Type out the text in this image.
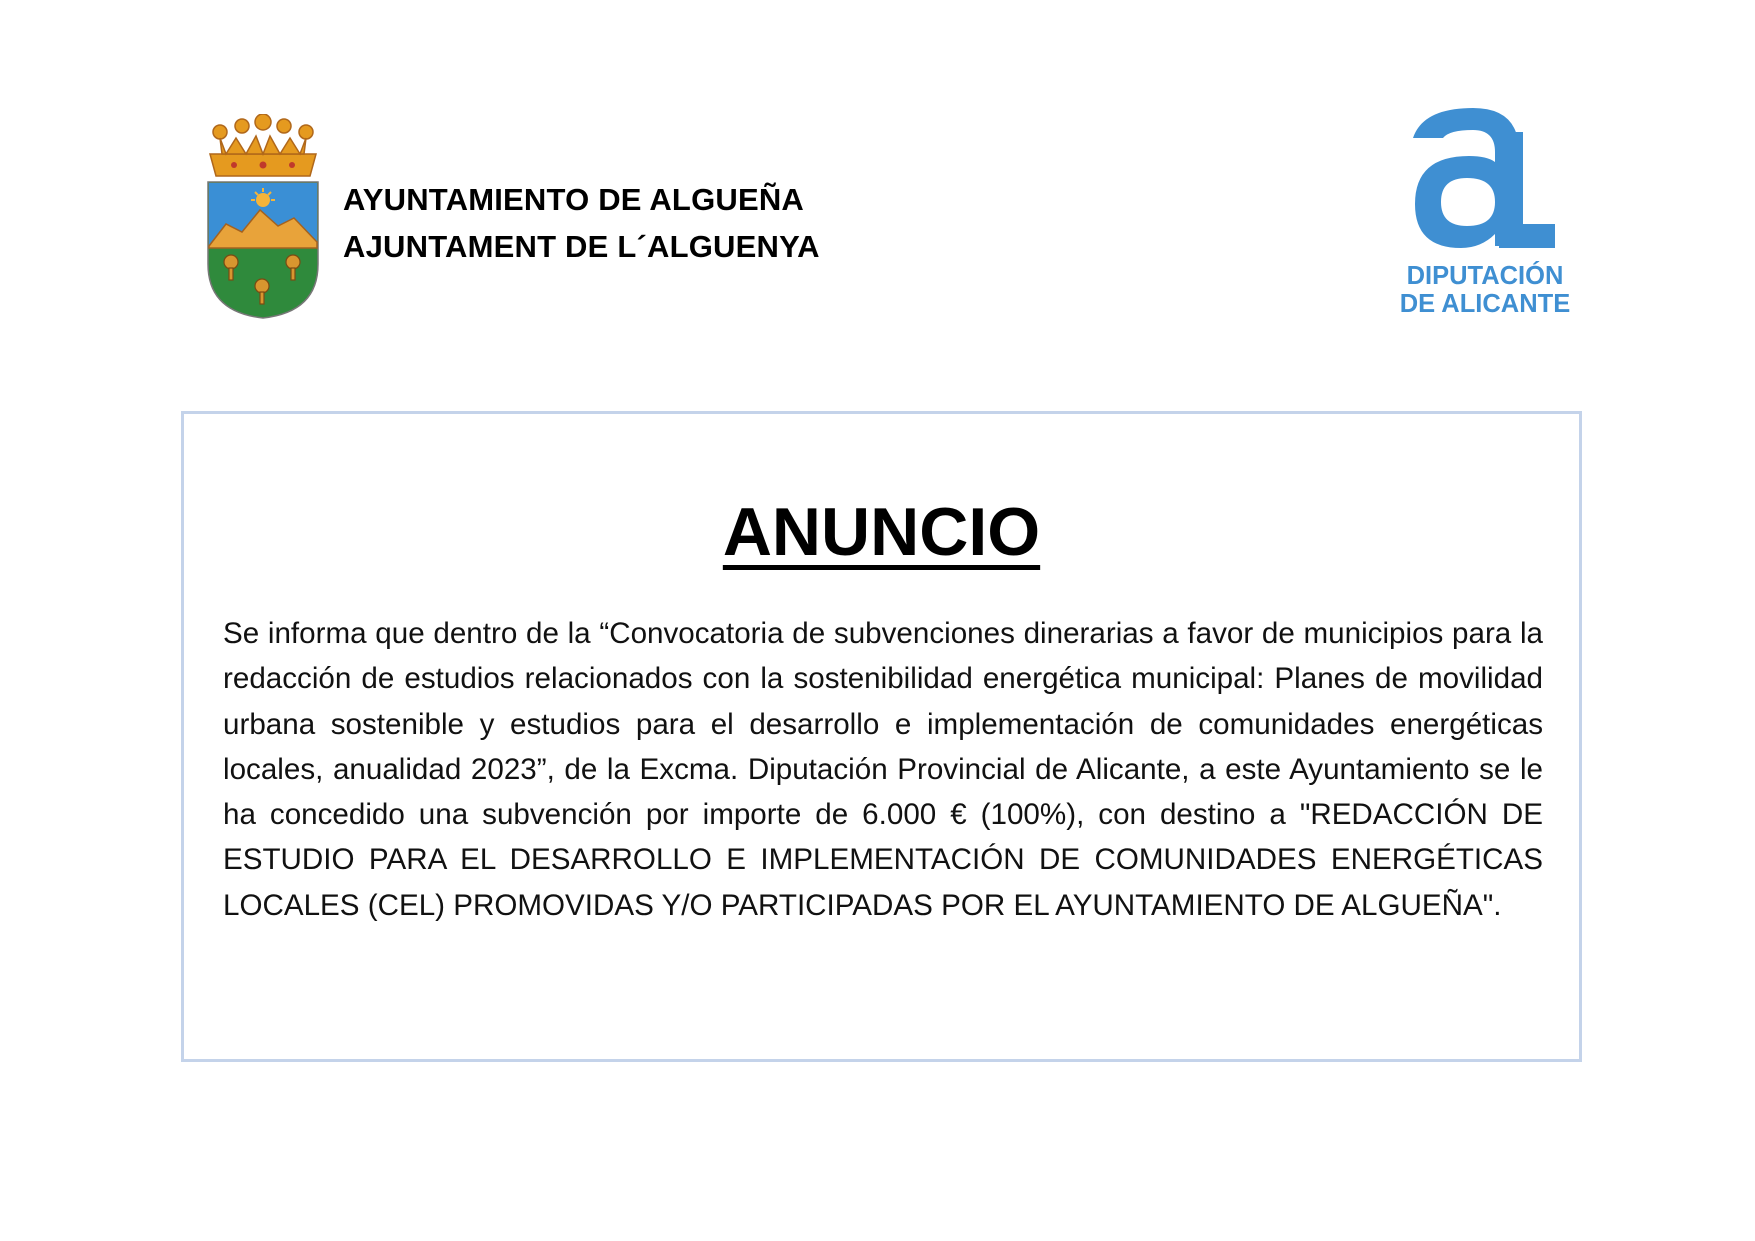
AYUNTAMIENTO DE ALGUEÑA
AJUNTAMENT DE L´ALGUENYA
DIPUTACIÓN
DE ALICANTE
ANUNCIO

Se informa que dentro de la “Convocatoria de subvenciones dinerarias a favor de municipios para la redacción de estudios relacionados con la sostenibilidad energética municipal: Planes de movilidad urbana sostenible y estudios para el desarrollo e implementación de comunidades energéticas locales, anualidad 2023”, de la Excma. Diputación Provincial de Alicante, a este Ayuntamiento se le ha concedido una subvención por importe de 6.000 € (100%), con destino a "REDACCIÓN DE ESTUDIO PARA EL DESARROLLO E IMPLEMENTACIÓN DE COMUNIDADES ENERGÉTICAS LOCALES (CEL) PROMOVIDAS Y/O PARTICIPADAS POR EL AYUNTAMIENTO DE ALGUEÑA".
